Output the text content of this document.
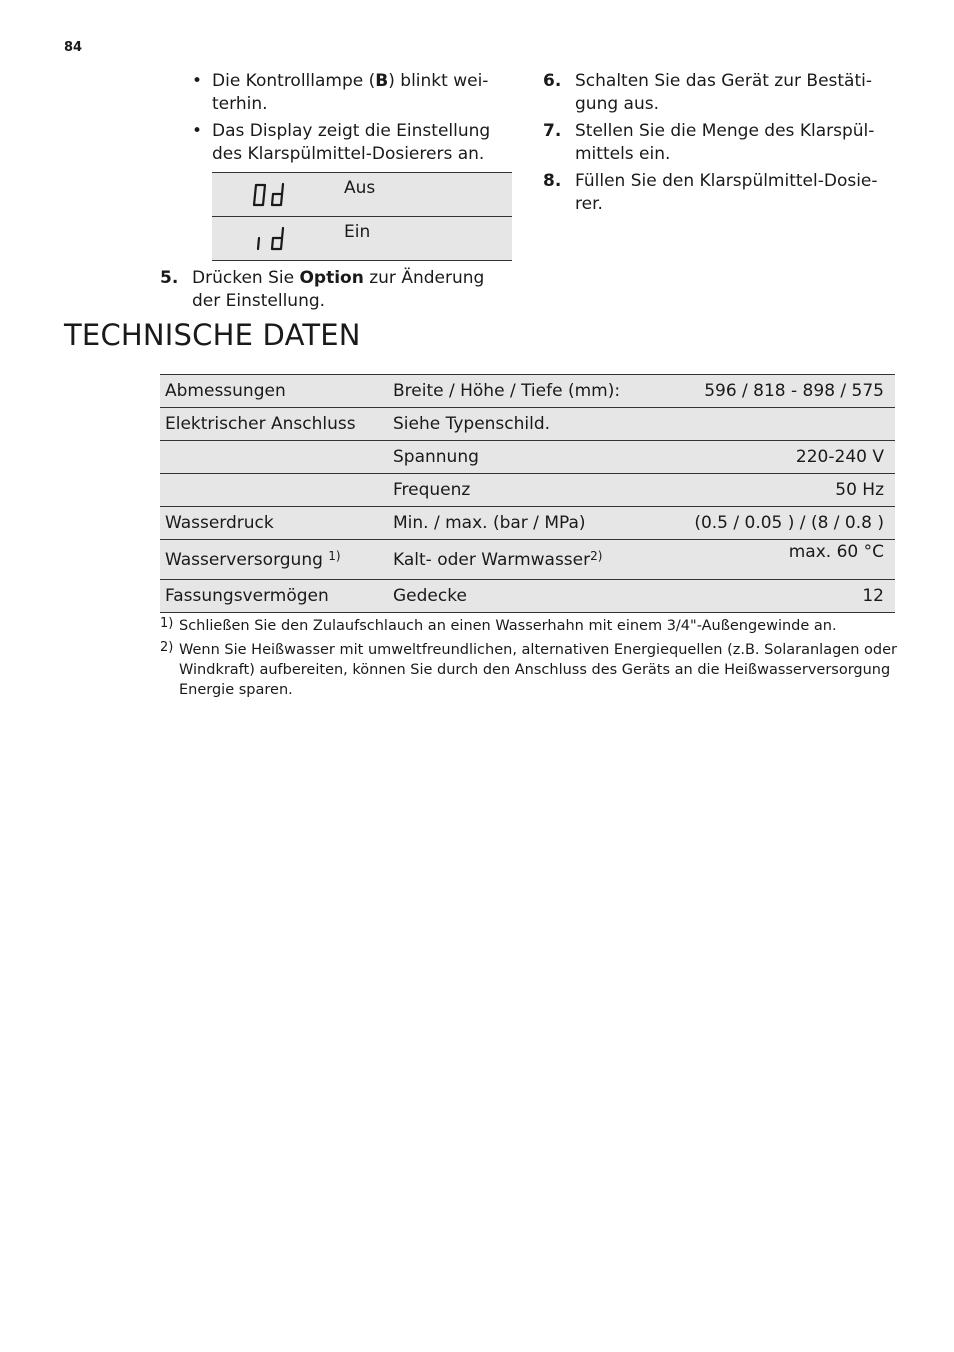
84
• Die Kontrolllampe (B) blinkt wei-terhin.
• Das Display zeigt die Einstellung des Klarspülmittel-Dosierers an.
	Aus

	Ein
5. Drücken Sie Option zur Änderung der Einstellung.
6. Schalten Sie das Gerät zur Bestäti-gung aus.
7. Stellen Sie die Menge des Klarspül-mittels ein.
8. Füllen Sie den Klarspülmittel-Dosie-rer.
TECHNISCHE DATEN
Abmessungen	Breite / Höhe / Tiefe (mm):	596 / 818 - 898 / 575
Elektrischer Anschluss	Siehe Typenschild.	
	Spannung	220-240 V
	Frequenz	50 Hz
Wasserdruck	Min. / max. (bar / MPa)	(0.5 / 0.05 ) / (8 / 0.8 )
Wasserversorgung $^{1)}$	Kalt- oder Warmwasser$^{2)}$	max. 60 °C
Fassungsvermögen	Gedecke	12
1) Schließen Sie den Zulaufschlauch an einen Wasserhahn mit einem 3/4"-Außengewinde an.
2) Wenn Sie Heißwasser mit umweltfreundlichen, alternativen Energiequellen (z.B. Solaranlagen oder Windkraft) aufbereiten, können Sie durch den Anschluss des Geräts an die Heißwasserversorgung Energie sparen.
